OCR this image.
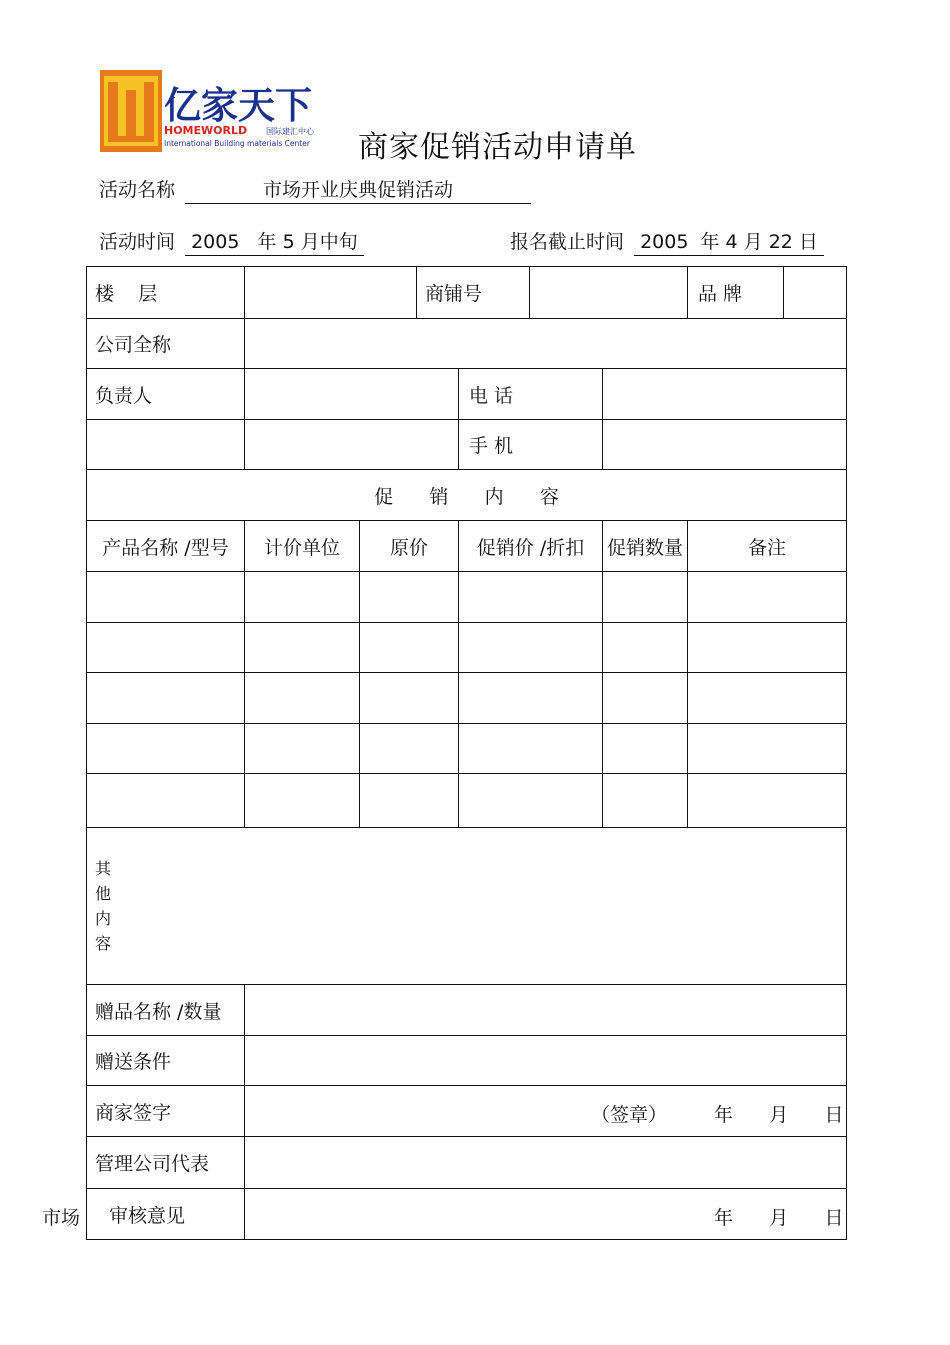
亿家天下
HOMEWORLD 国际建汇中心
International Building materials Center 商家促销活动申请单
活动名称	市场开业庆典促销活动
活动时间 2005   年 5 月中旬	报名截止时间 2005  年 4 月 22 日
楼    层			商铺号				品 牌

公司全称							
负责人				电 话			
				手 机			
促      销      内      容							
产品名称 /型号	计价单位	原价		促销价 /折扣		促销数量	备注

其
他
内
容							

赠品名称 /数量							
赠送条件							
商家签字	（签章） 年      月      日						

管理公司代表							
审核意见	年      月      日						
市场
